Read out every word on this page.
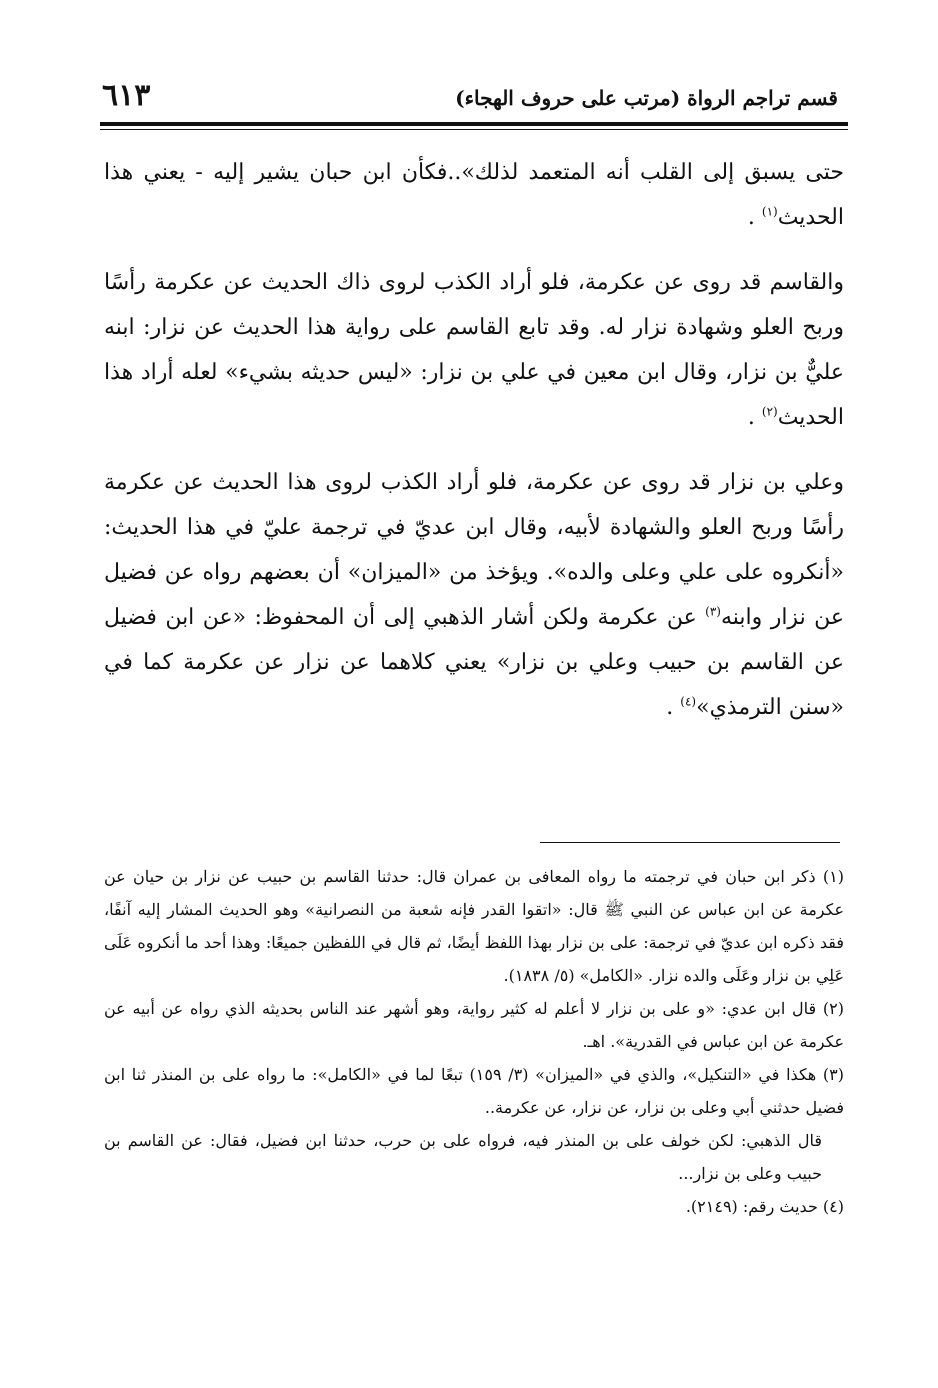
٦١٣	قسم تراجم الرواة (مرتب على حروف الهجاء)

حتى يسبق إلى القلب أنه المتعمد لذلك»..فكأن ابن حبان يشير إليه - يعني هذا الحديث$^{(١)}$ .

والقاسم قد روى عن عكرمة، فلو أراد الكذب لروى ذاك الحديث عن عكرمة رأسًا وربح العلو وشهادة نزار له. وقد تابع القاسم على رواية هذا الحديث عن نزار: ابنه عليٌّ بن نزار، وقال ابن معين في علي بن نزار: «ليس حديثه بشيء» لعله أراد هذا الحديث$^{(٢)}$ .

وعلي بن نزار قد روى عن عكرمة، فلو أراد الكذب لروى هذا الحديث عن عكرمة رأسًا وربح العلو والشهادة لأبيه، وقال ابن عديّ في ترجمة عليّ في هذا الحديث: «أنكروه على علي وعلى والده». ويؤخذ من «الميزان» أن بعضهم رواه عن فضيل عن نزار وابنه$^{(٣)}$ عن عكرمة ولكن أشار الذهبي إلى أن المحفوظ: «عن ابن فضيل عن القاسم بن حبيب وعلي بن نزار» يعني كلاهما عن نزار عن عكرمة كما في «سنن الترمذي»$^{(٤)}$ .

(١) ذكر ابن حبان في ترجمته ما رواه المعافى بن عمران قال: حدثنا القاسم بن حبيب عن نزار بن حيان عن عكرمة عن ابن عباس عن النبي ﷺ قال: «اتقوا القدر فإنه شعبة من النصرانية» وهو الحديث المشار إليه آنفًا، فقد ذكره ابن عديّ في ترجمة: على بن نزار بهذا اللفظ أيضًا، ثم قال في اللفظين جميعًا: وهذا أحد ما أنكروه عَلَى عَلِي بن نزار وعَلَى والده نزار. «الكامل» (٥/ ١٨٣٨).

(٢) قال ابن عدي: «و على بن نزار لا أعلم له كثير رواية، وهو أشهر عند الناس بحديثه الذي رواه عن أبيه عن عكرمة عن ابن عباس في القدرية». اهـ.

(٣) هكذا في «التنكيل»، والذي في «الميزان» (٣/ ١٥٩) تبعًا لما في «الكامل»: ما رواه على بن المنذر ثنا ابن فضيل حدثني أبي وعلى بن نزار، عن نزار، عن عكرمة..

قال الذهبي: لكن خولف على بن المنذر فيه، فرواه على بن حرب، حدثنا ابن فضيل، فقال: عن القاسم بن حبيب وعلى بن نزار...

(٤) حديث رقم: (٢١٤٩).
